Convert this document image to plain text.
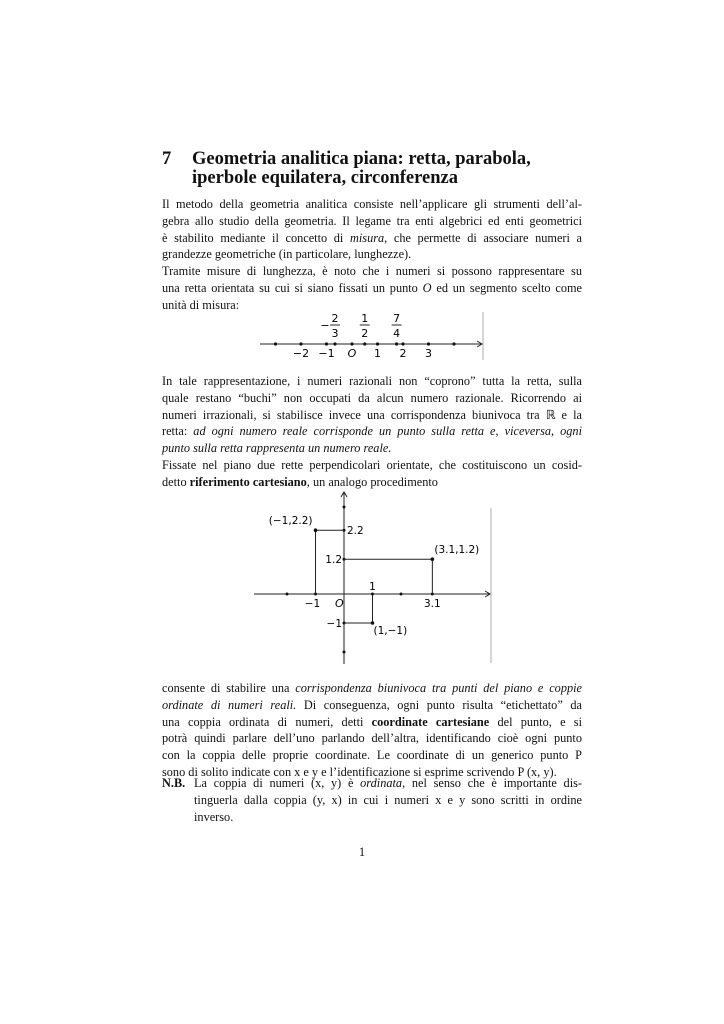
7 Geometria analitica piana: retta, parabola,
iperbole equilatera, circonferenza
Il metodo della geometria analitica consiste nell’applicare gli strumenti dell’al-
gebra allo studio della geometria. Il legame tra enti algebrici ed enti geometrici
è stabilito mediante il concetto di misura, che permette di associare numeri a
grandezze geometriche (in particolare, lunghezze).
Tramite misure di lunghezza, è noto che i numeri si possono rappresentare su
una retta orientata su cui si siano fissati un punto O ed un segmento scelto come
unità di misura:
−2 −1 O 1 2 3
2
3
−
1
2
7
4
In tale rappresentazione, i numeri razionali non “coprono” tutta la retta, sulla
quale restano “buchi” non occupati da alcun numero razionale. Ricorrendo ai
numeri irrazionali, si stabilisce invece una corrispondenza biunivoca tra ℝ e la
retta: ad ogni numero reale corrisponde un punto sulla retta e, viceversa, ogni
punto sulla retta rappresenta un numero reale.
Fissate nel piano due rette perpendicolari orientate, che costituiscono un cosid-
detto riferimento cartesiano, un analogo procedimento
O
−1
1
3.1
2.2
1.2
−1
(−1,2.2)
(3.1,1.2)
(1,−1)
consente di stabilire una corrispondenza biunivoca tra punti del piano e coppie
ordinate di numeri reali. Di conseguenza, ogni punto risulta “etichettato” da
una coppia ordinata di numeri, detti coordinate cartesiane del punto, e si
potrà quindi parlare dell’uno parlando dell’altra, identificando cioè ogni punto
con la coppia delle proprie coordinate. Le coordinate di un generico punto P
sono di solito indicate con x e y e l’identificazione si esprime scrivendo P (x, y).
N.B. La coppia di numeri (x, y) è ordinata, nel senso che è importante dis-
tinguerla dalla coppia (y, x) in cui i numeri x e y sono scritti in ordine
inverso.
1
